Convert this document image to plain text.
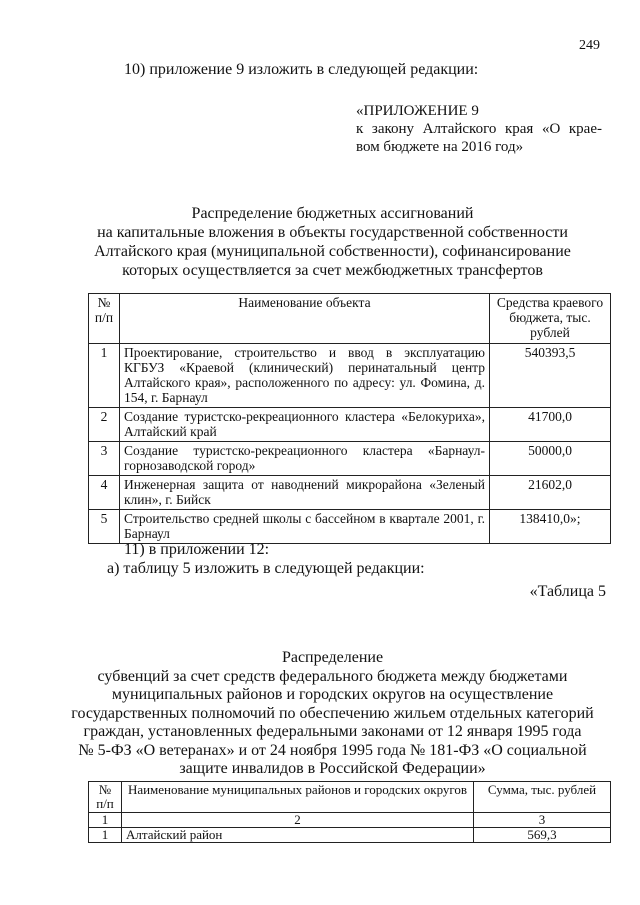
249
10) приложение 9 изложить в следующей редакции:
«ПРИЛОЖЕНИЕ 9
к закону Алтайского края «О крае-
вом бюджете на 2016 год»
Распределение бюджетных ассигнований
на капитальные вложения в объекты государственной собственности
Алтайского края (муниципальной собственности), софинансирование
которых осуществляется за счет межбюджетных трансфертов
№ п/п	Наименование объекта	Средства краевого бюджета, тыс. рублей
1	Проектирование, строительство и ввод в эксплуатацию КГБУЗ «Краевой (клинический) перинатальный центр Алтайского края», расположенного по адресу: ул. Фомина, д. 154, г. Барнаул	540393,5
2	Создание туристско-рекреационного кластера «Белокуриха», Алтайский край	41700,0
3	Создание туристско-рекреационного кластера «Барнаул-горнозаводской город»	50000,0
4	Инженерная защита от наводнений микрорайона «Зеленый клин», г. Бийск	21602,0
5	Строительство средней школы с бассейном в квартале 2001, г. Барнаул	138410,0»;
11) в приложении 12:
а) таблицу 5 изложить в следующей редакции:
«Таблица 5
Распределение
субвенций за счет средств федерального бюджета между бюджетами
муниципальных районов и городских округов на осуществление
государственных полномочий по обеспечению жильем отдельных категорий
граждан, установленных федеральными законами от 12 января 1995 года
№ 5-ФЗ «О ветеранах» и от 24 ноября 1995 года № 181-ФЗ «О социальной
защите инвалидов в Российской Федерации»
№ п/п	Наименование муниципальных районов и городских округов	Сумма, тыс. рублей
1	2	3
1	Алтайский район	569,3
